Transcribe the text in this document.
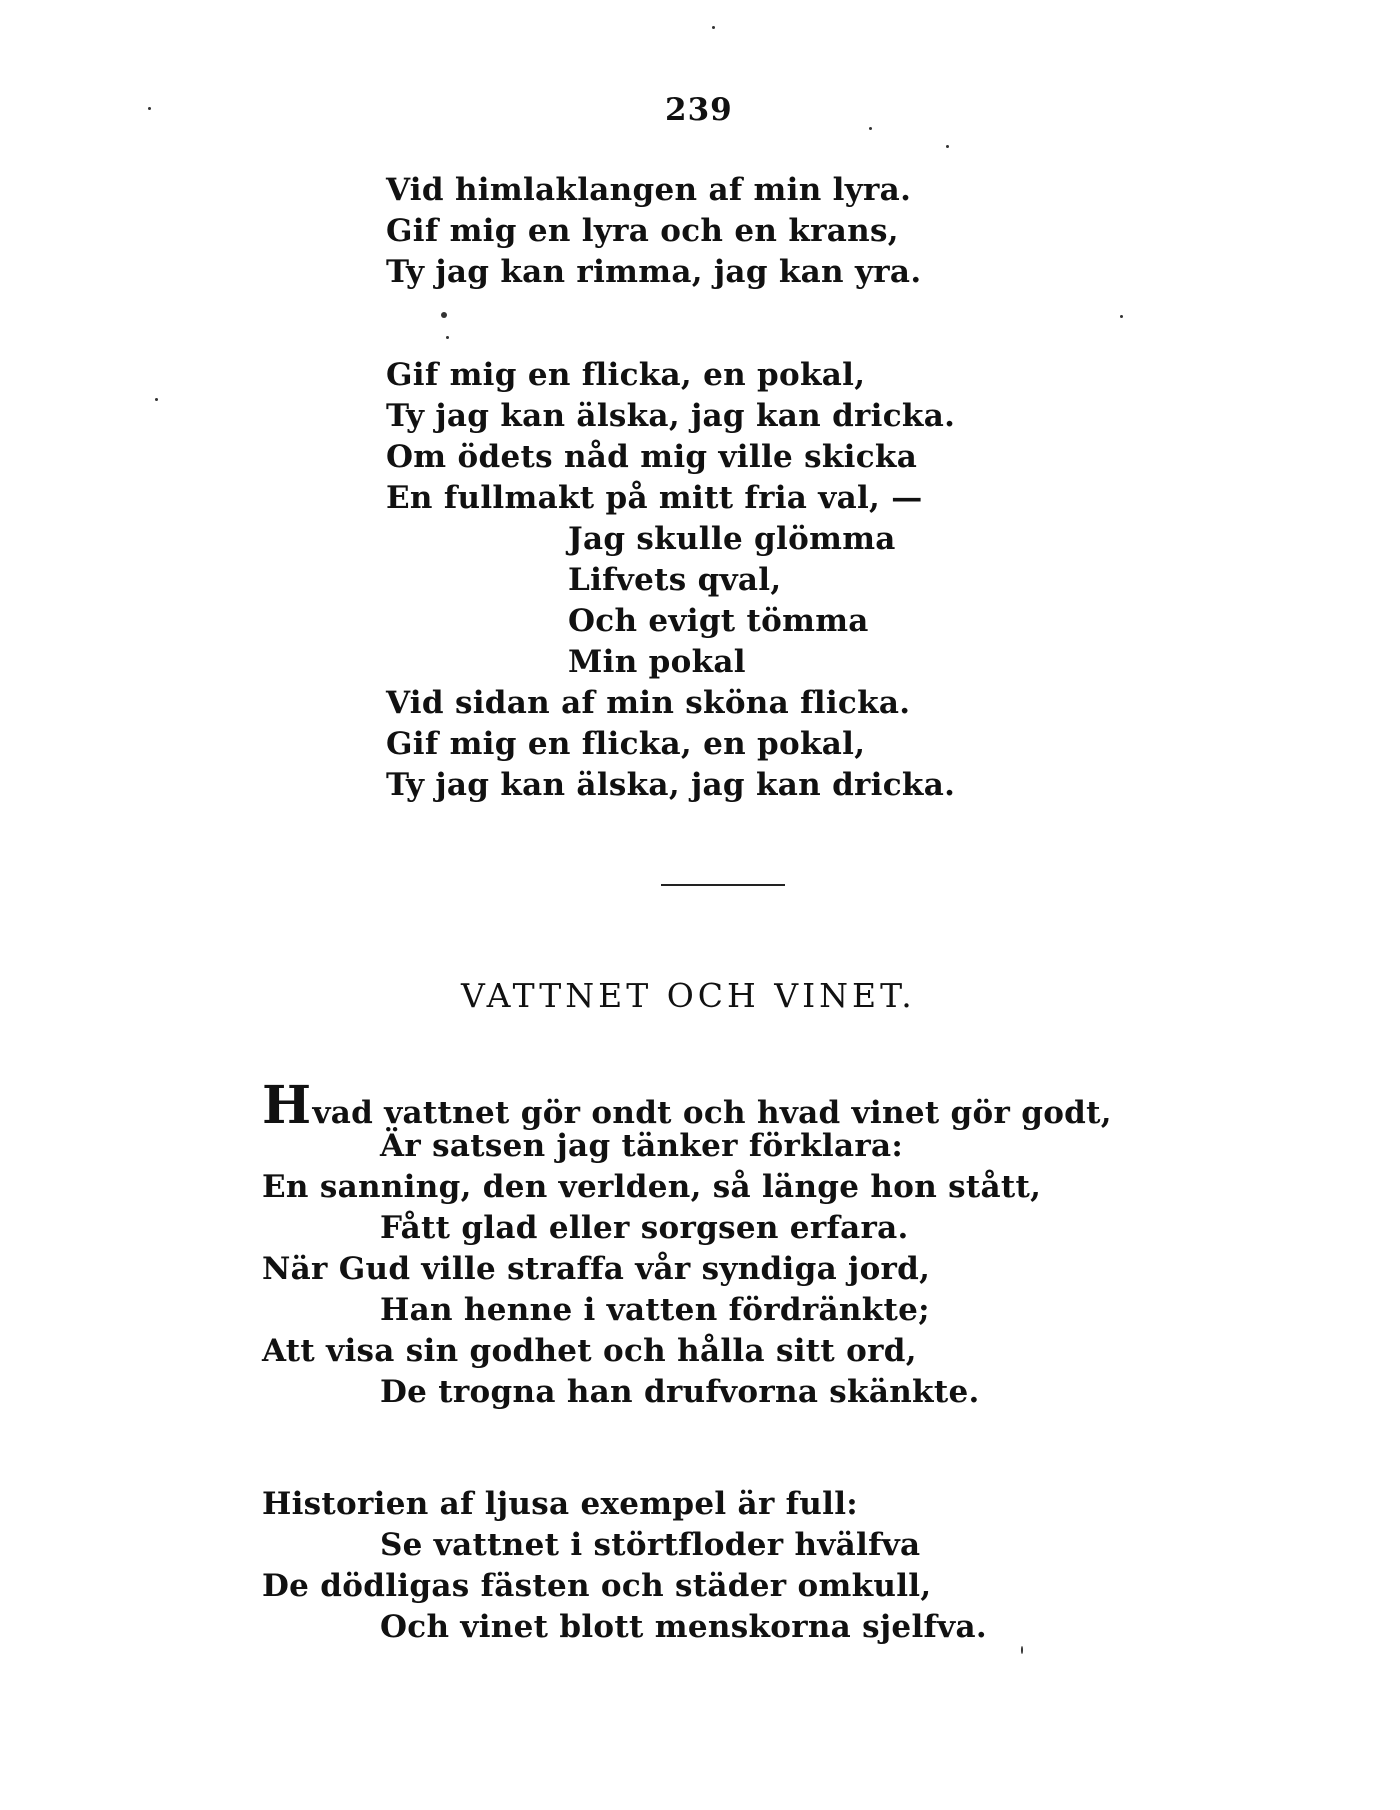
239
Vid himlaklangen af min lyra.
Gif mig en lyra och en krans,
Ty jag kan rimma, jag kan yra.
Gif mig en flicka, en pokal,
Ty jag kan älska, jag kan dricka.
Om ödets nåd mig ville skicka
En fullmakt på mitt fria val, —
Jag skulle glömma
Lifvets qval,
Och evigt tömma
Min pokal
Vid sidan af min sköna flicka.
Gif mig en flicka, en pokal,
Ty jag kan älska, jag kan dricka.
VATTNET OCH VINET.
Hvad vattnet gör ondt och hvad vinet gör godt,
Är satsen jag tänker förklara:
En sanning, den verlden, så länge hon stått,
Fått glad eller sorgsen erfara.
När Gud ville straffa vår syndiga jord,
Han henne i vatten fördränkte;
Att visa sin godhet och hålla sitt ord,
De trogna han drufvorna skänkte.
Historien af ljusa exempel är full:
Se vattnet i störtfloder hvälfva
De dödligas fästen och städer omkull,
Och vinet blott menskorna sjelfva.
